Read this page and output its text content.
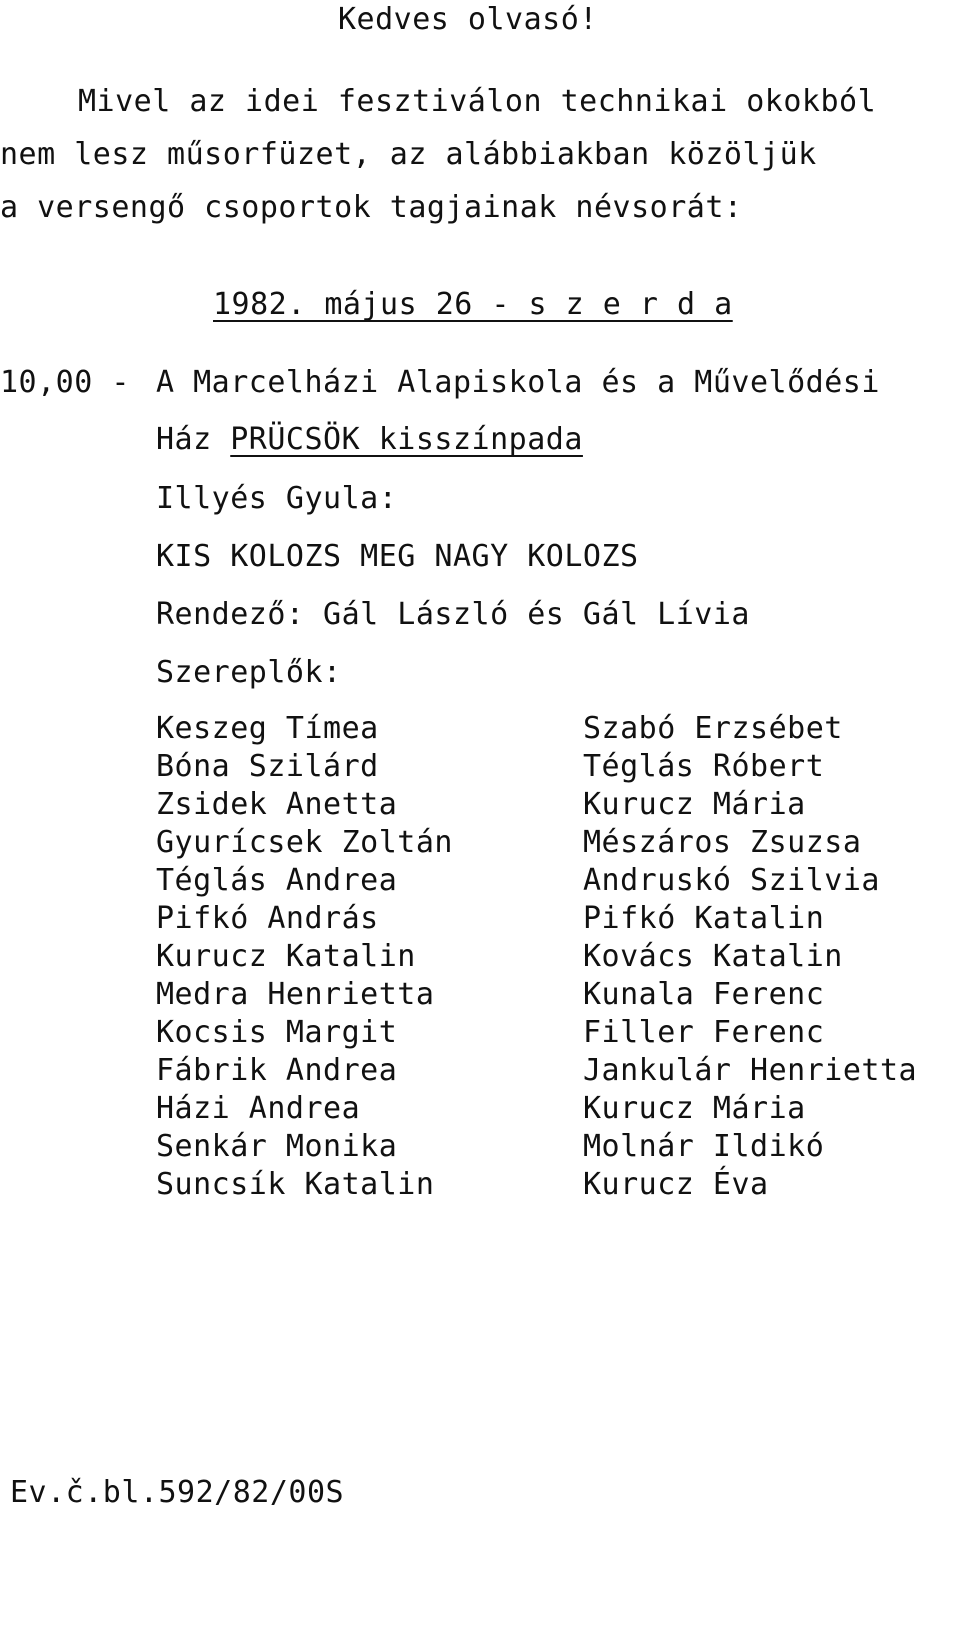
Kedves olvasó!
Mivel az idei fesztiválon technikai okokból
nem lesz műsorfüzet, az alábbiakban közöljük
a versengő csoportok tagjainak névsorát:
1982. május 26 - s z e r d a
10,00 - A Marcelházi Alapiskola és a Művelődési
Ház PRÜCSÖK kisszínpada
Illyés Gyula:
KIS KOLOZS MEG NAGY KOLOZS
Rendező: Gál László és Gál Lívia
Szereplők:
Keszeg Tímea
Bóna Szilárd
Zsidek Anetta
Gyurícsek Zoltán
Téglás Andrea
Pifkó András
Kurucz Katalin
Medra Henrietta
Kocsis Margit
Fábrik Andrea
Házi Andrea
Senkár Monika
Suncsík Katalin
Szabó Erzsébet
Téglás Róbert
Kurucz Mária
Mészáros Zsuzsa
Andruskó Szilvia
Pifkó Katalin
Kovács Katalin
Kunala Ferenc
Filler Ferenc
Jankulár Henrietta
Kurucz Mária
Molnár Ildikó
Kurucz Éva
Ev.č.bl.592/82/00S
